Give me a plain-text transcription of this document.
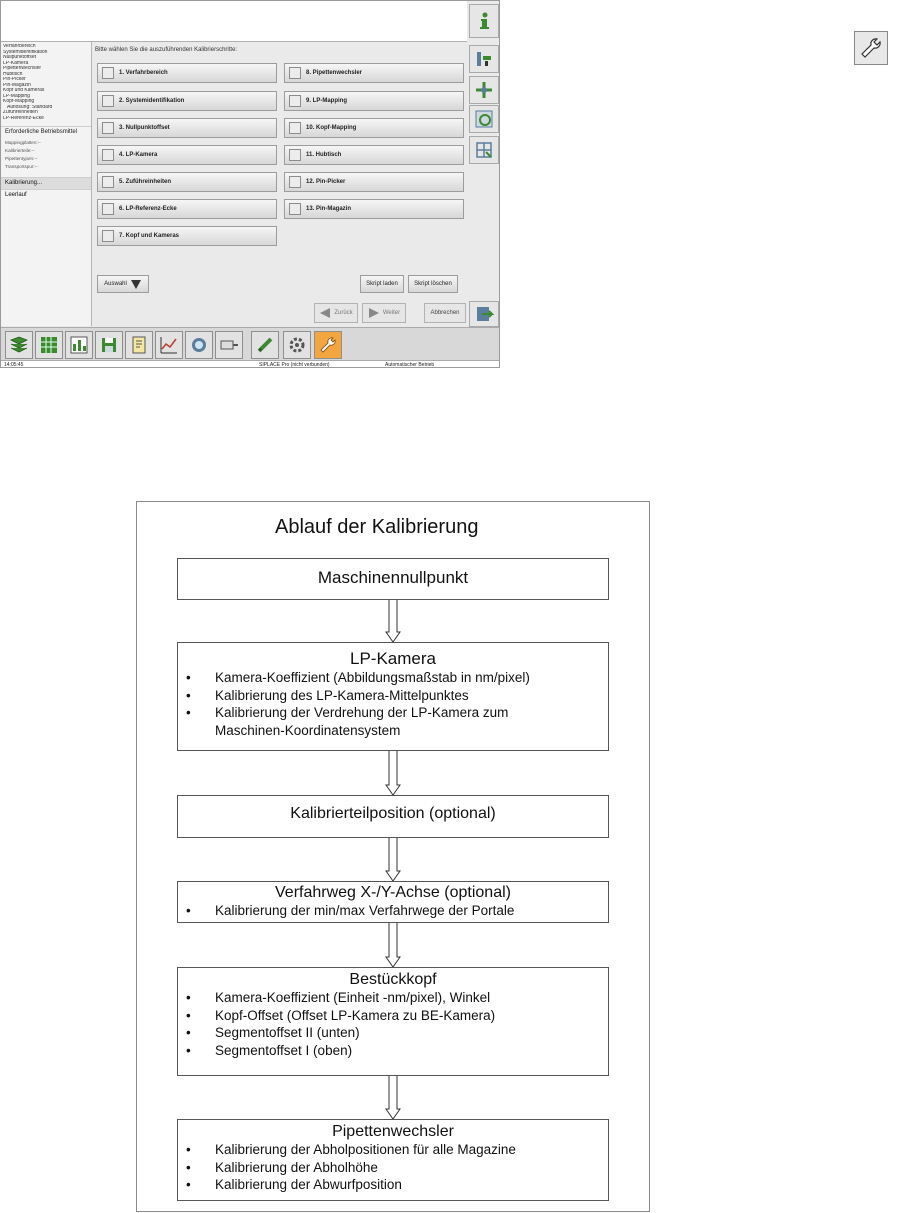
Verfahrbereich
Systemidentifikation
Nullpunktoffset
LP-Kamera
Pipettenwechsler
Hubtisch
Pin-Picker
Pin-Magazin
Kopf und Kameras
LP-Mapping
Kopf-Mapping
Auflösung: Standard
Zuführeinheiten
LP-Referenz-Ecke
Erforderliche Betriebsmittel
Mappingplatten:--
Kalibrierteile:--
Pipettentypen:--
Transportspur:--
Kalibrierung...
Leerlauf
Bitte wählen Sie die auszuführenden Kalibrierschritte:
1. Verfahrbereich
2. Systemidentifikation
3. Nullpunktoffset
4. LP-Kamera
5. Zuführeinheiten
6. LP-Referenz-Ecke
7. Kopf und Kameras
8. Pipettenwechsler
9. LP-Mapping
10. Kopf-Mapping
11. Hubtisch
12. Pin-Picker
13. Pin-Magazin
Auswahl	Skript laden	Skript löschen
Zurück	Weiter	Abbrechen
14:05:45	SIPLACE Pro (nicht verbunden)	Automatischer Betrieb
Ablauf der Kalibrierung
Maschinennullpunkt
LP-Kamera
• Kamera-Koeffizient (Abbildungsmaßstab in nm/pixel)
• Kalibrierung des LP-Kamera-Mittelpunktes
• Kalibrierung der Verdrehung der LP-Kamera zum Maschinen-Koordinatensystem
Kalibrierteilposition (optional)
Verfahrweg X-/Y-Achse (optional)
• Kalibrierung der min/max Verfahrwege der Portale
Bestückkopf
• Kamera-Koeffizient (Einheit -nm/pixel), Winkel
• Kopf-Offset (Offset LP-Kamera zu BE-Kamera)
• Segmentoffset II (unten)
• Segmentoffset I (oben)
Pipettenwechsler
• Kalibrierung der Abholpositionen für alle Magazine
• Kalibrierung der Abholhöhe
• Kalibrierung der Abwurfposition
